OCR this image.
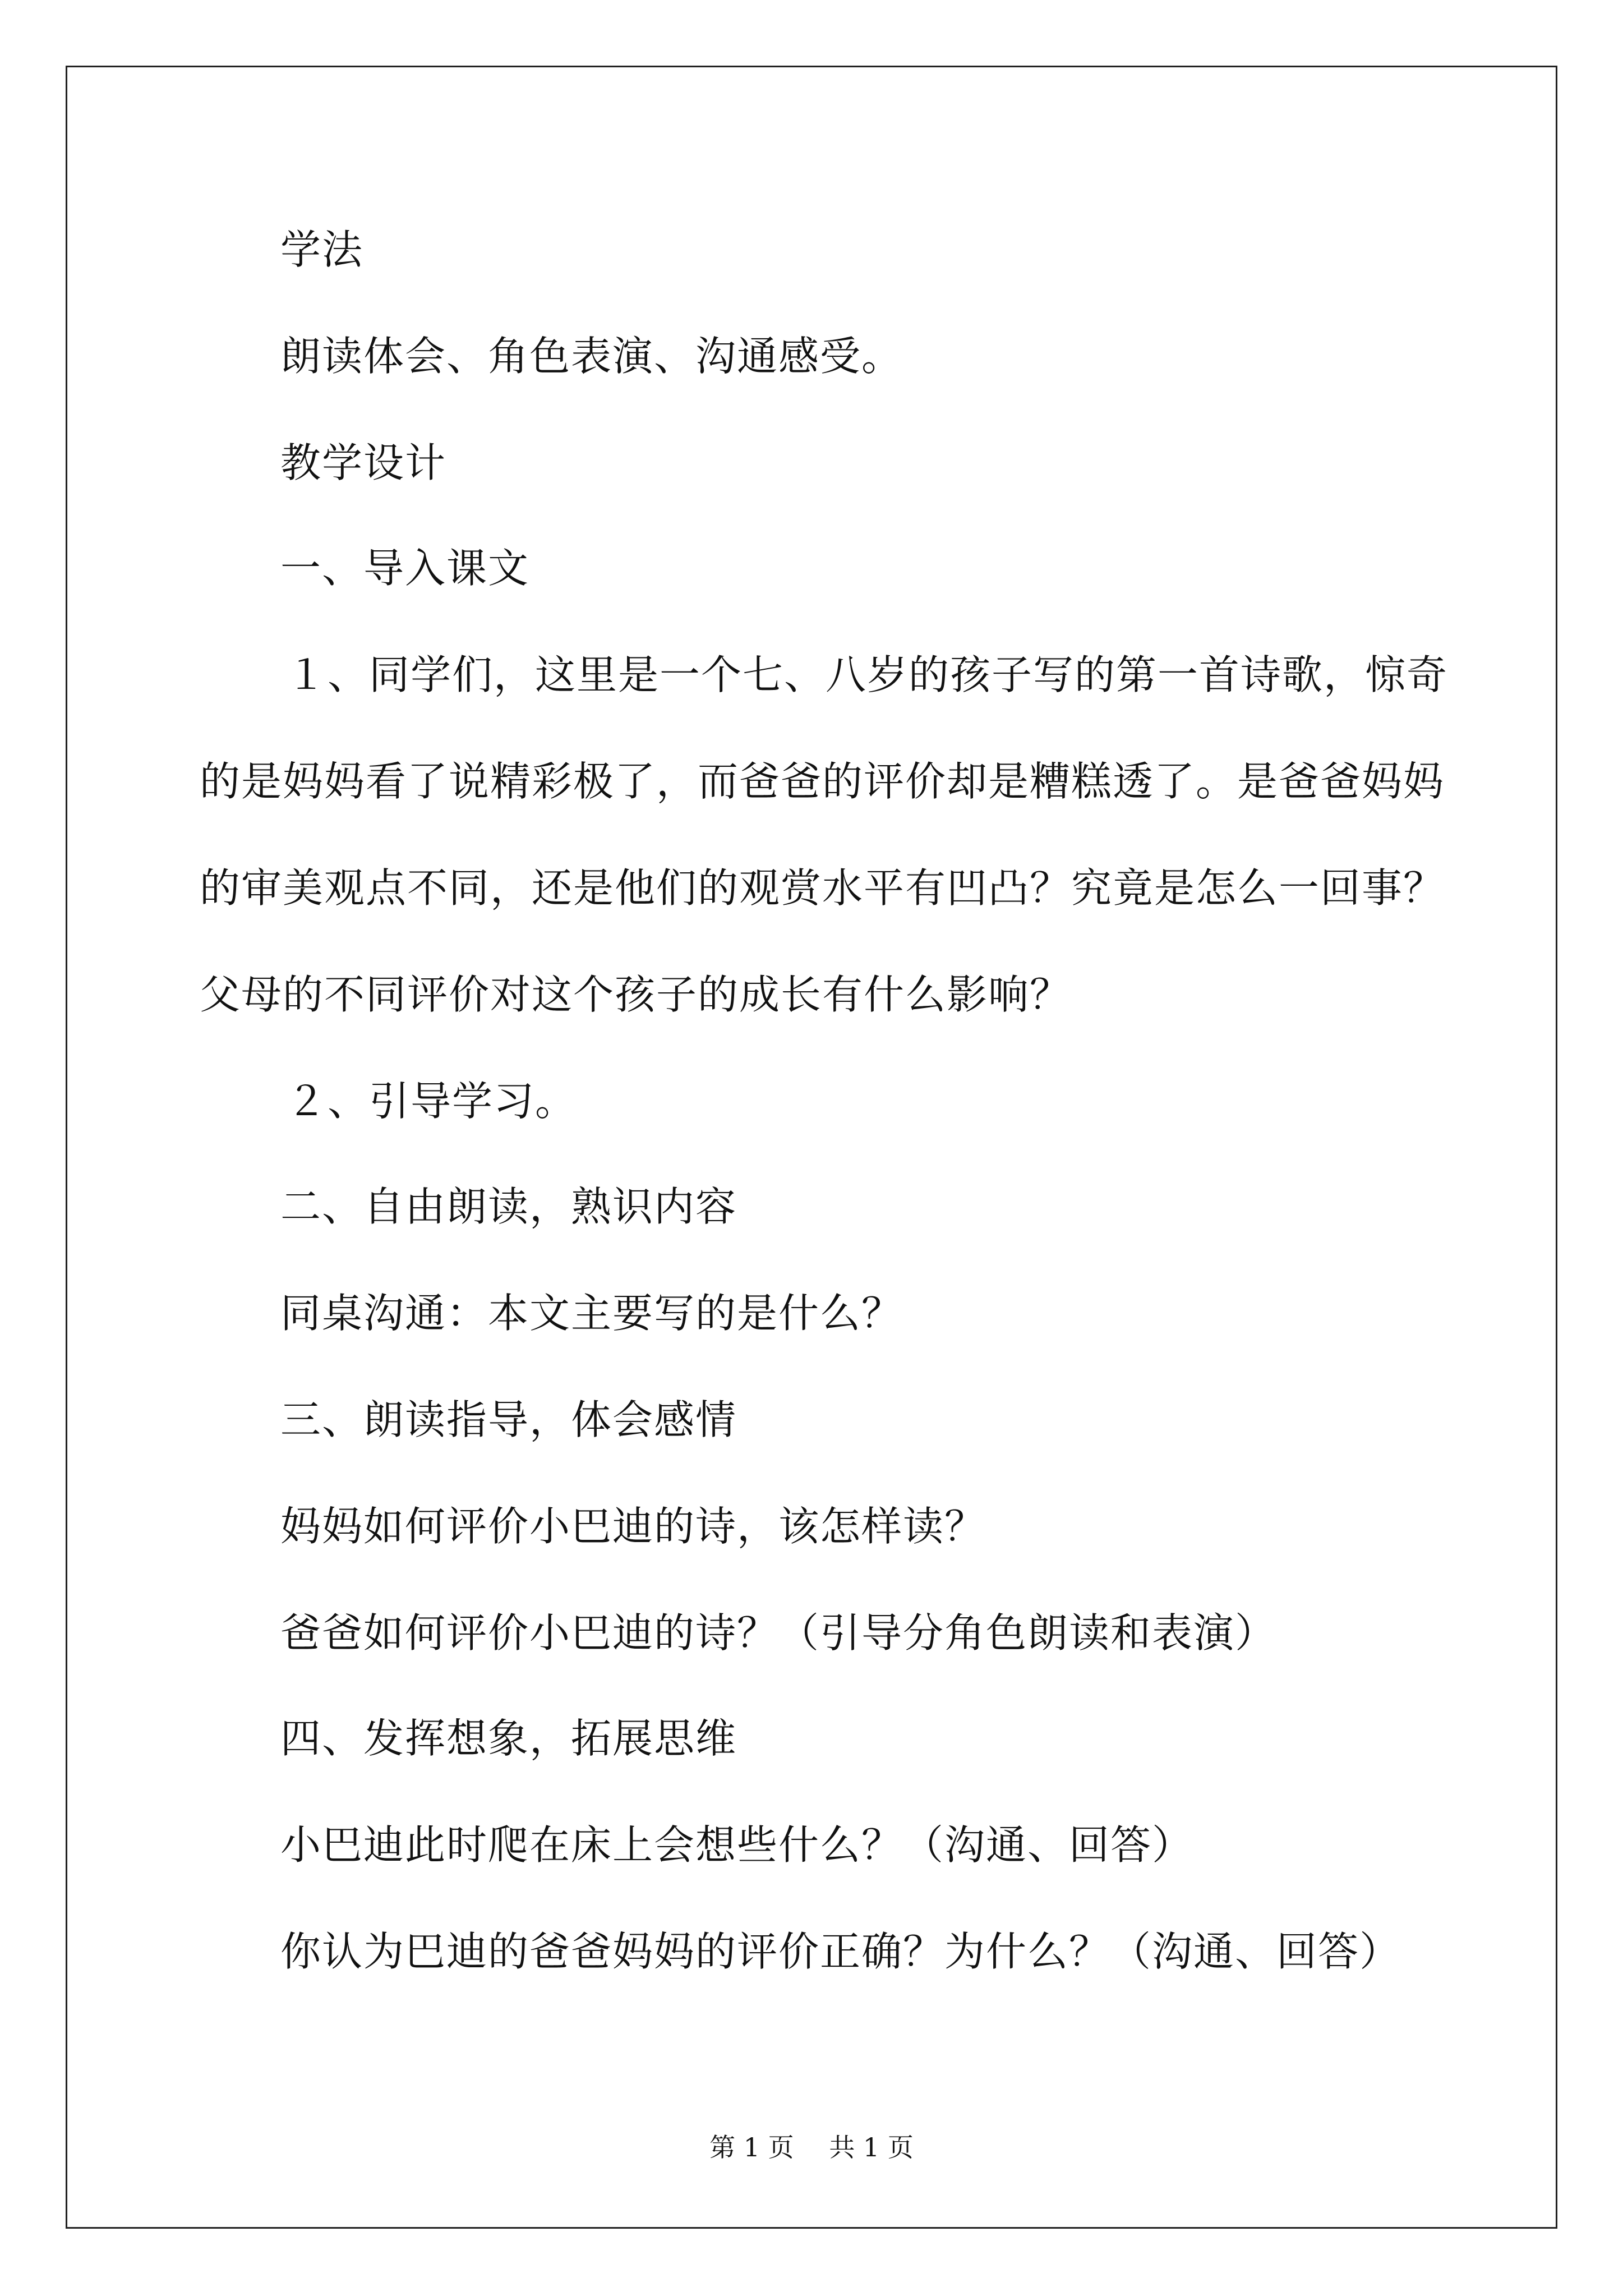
学法
朗读体会、角色表演、沟通感受。
教学设计
一、导入课文
１、同学们，这里是一个七、八岁的孩子写的第一首诗歌，惊奇
的是妈妈看了说精彩极了，而爸爸的评价却是糟糕透了。是爸爸妈妈
的审美观点不同，还是他们的观赏水平有凹凸？究竟是怎么一回事？
父母的不同评价对这个孩子的成长有什么影响？
２、引导学习。
二、自由朗读，熟识内容
同桌沟通：本文主要写的是什么？
三、朗读指导，体会感情
妈妈如何评价小巴迪的诗，该怎样读？
爸爸如何评价小巴迪的诗？（引导分角色朗读和表演）
四、发挥想象，拓展思维
小巴迪此时爬在床上会想些什么？（沟通、回答）
你认为巴迪的爸爸妈妈的评价正确？为什么？（沟通、回答）
第 1 页 共 1 页
